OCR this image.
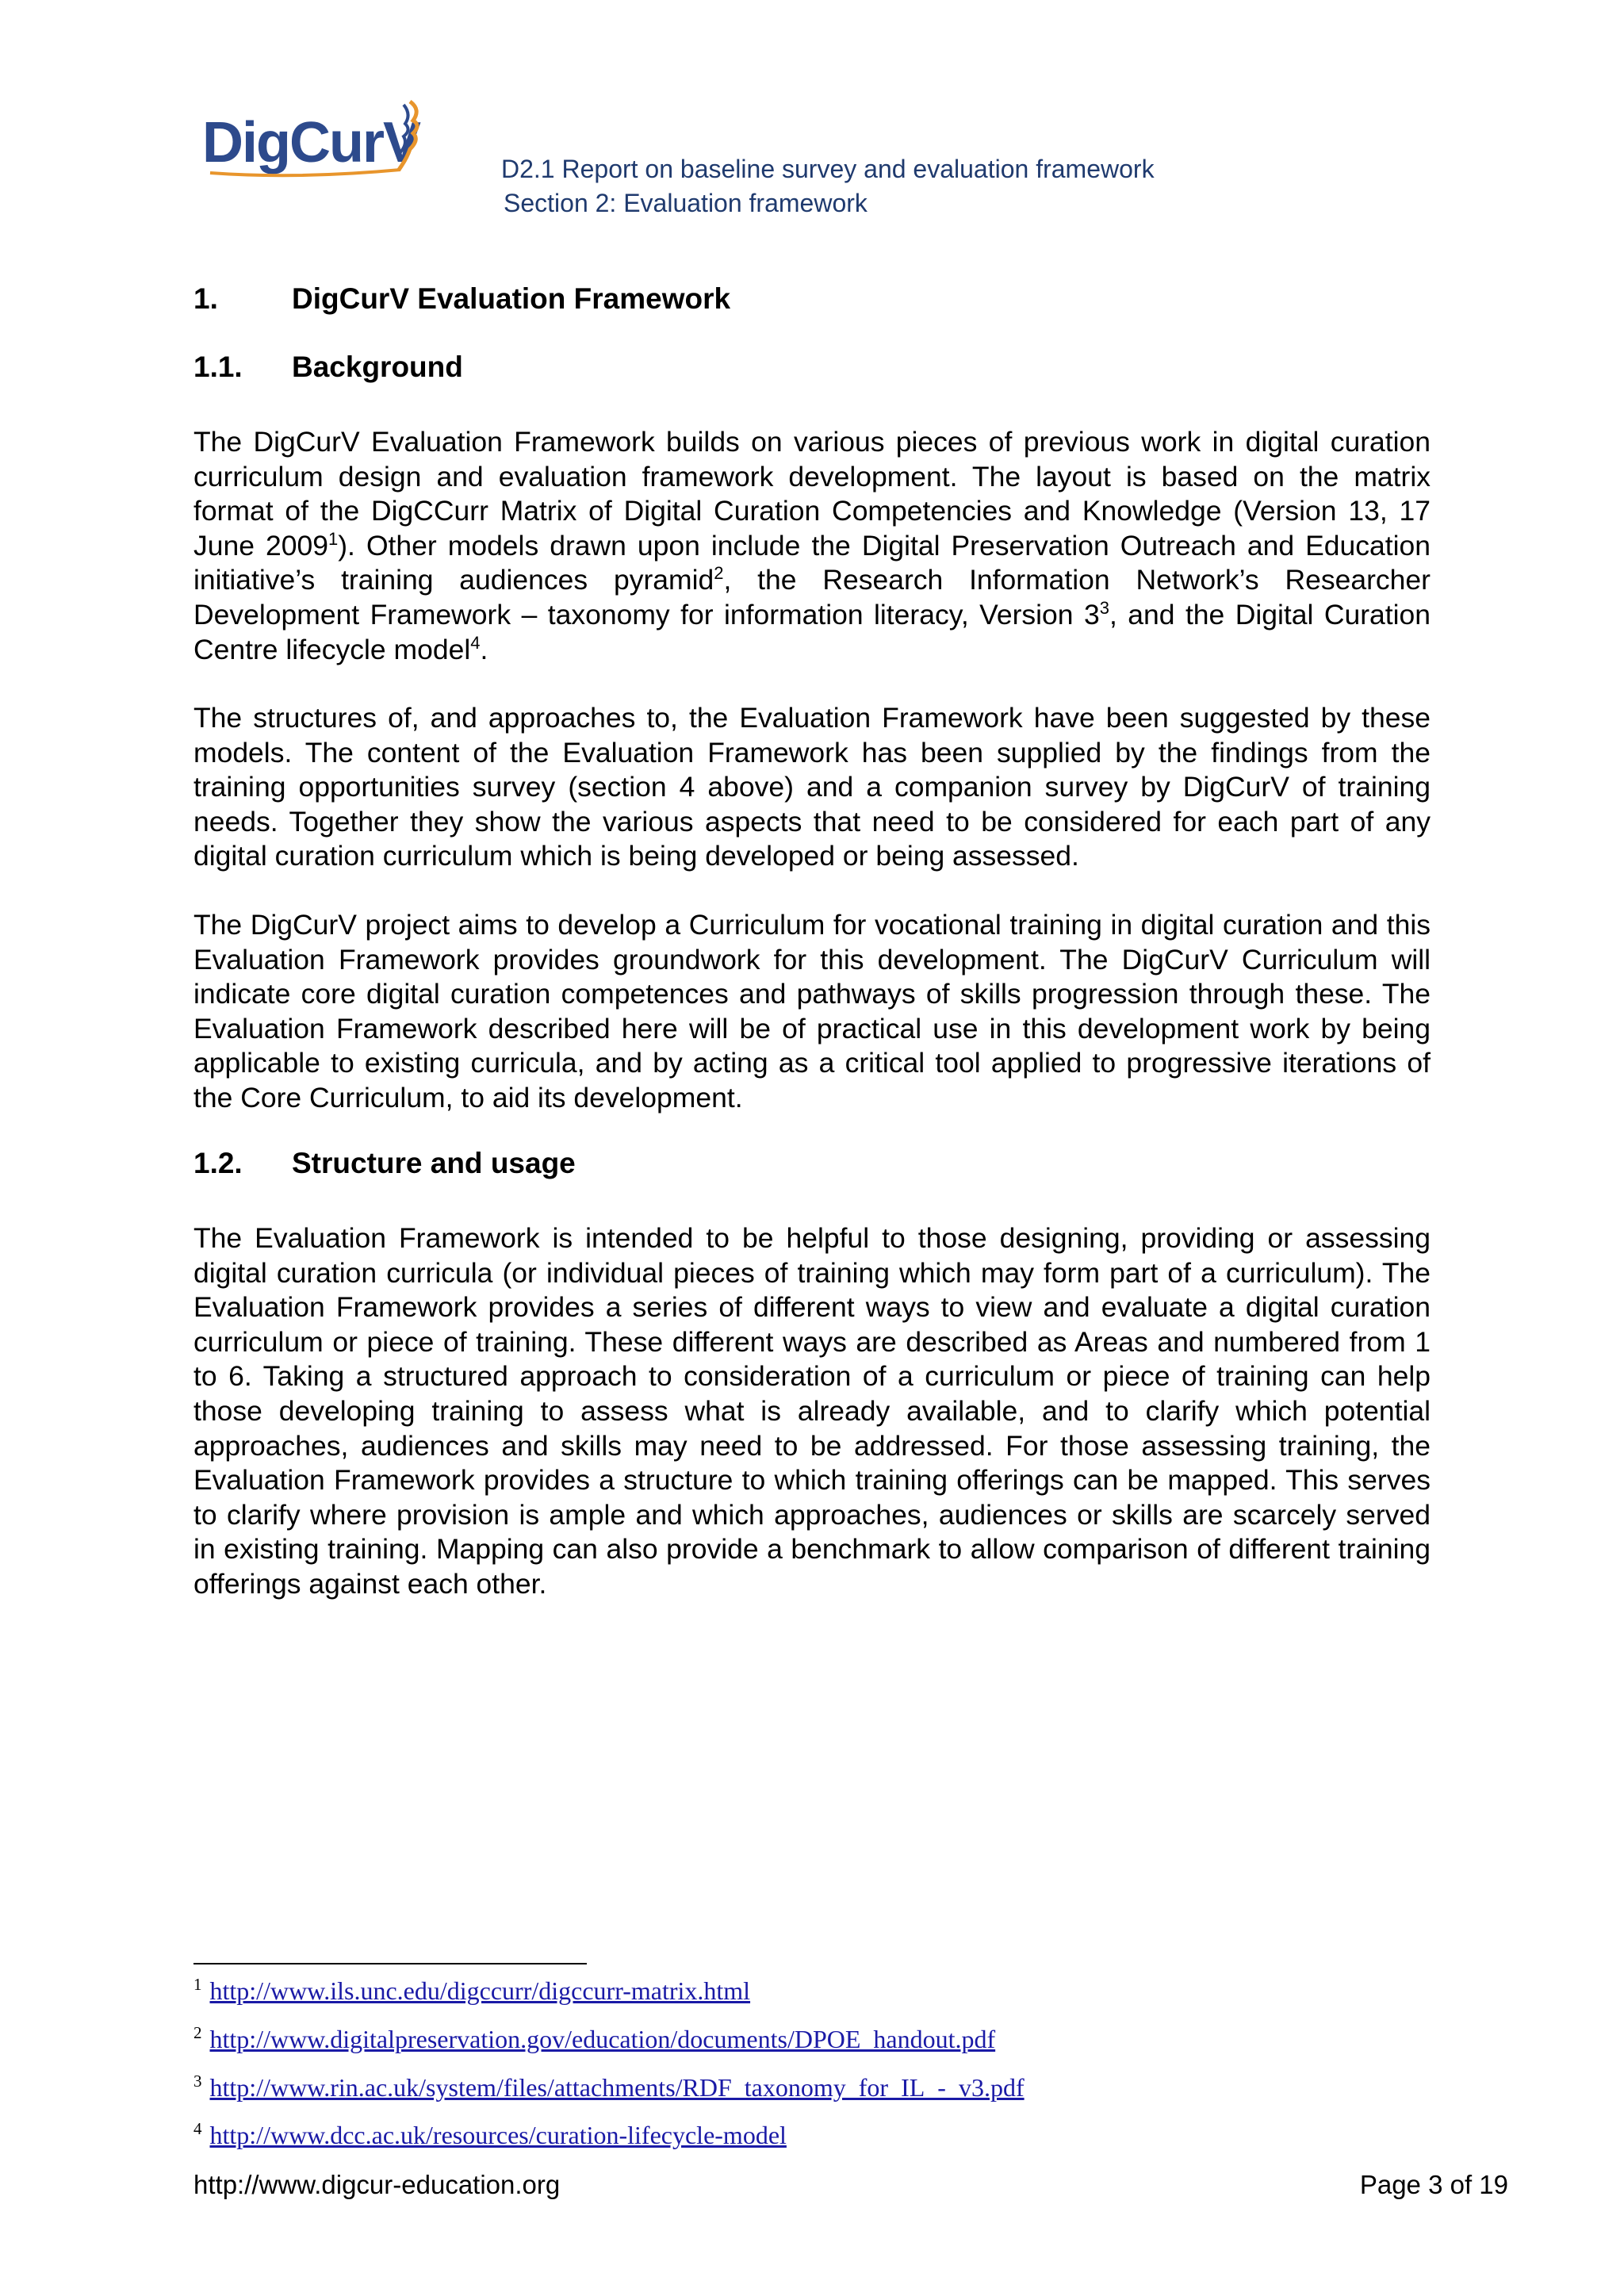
DigCurV	D2.1 Report on baseline survey and evaluation framework
Section 2: Evaluation framework
1.	DigCurV Evaluation Framework
1.1. Background
The DigCurV Evaluation Framework builds on various pieces of previous work in digital curation curriculum design and evaluation framework development. The layout is based on the matrix format of the DigCCurr Matrix of Digital Curation Competencies and Knowledge (Version 13, 17 June 2009$^1$). Other models drawn upon include the Digital Preservation Outreach and Education initiative’s training audiences pyramid$^2$, the Research Information Network’s Researcher Development Framework – taxonomy for information literacy, Version $3^3$, and the Digital Curation Centre lifecycle model$^4$.
The structures of, and approaches to, the Evaluation Framework have been suggested by these models. The content of the Evaluation Framework has been supplied by the findings from the training opportunities survey (section 4 above) and a companion survey by DigCurV of training needs. Together they show the various aspects that need to be considered for each part of any digital curation curriculum which is being developed or being assessed.
The DigCurV project aims to develop a Curriculum for vocational training in digital curation and this Evaluation Framework provides groundwork for this development. The DigCurV Curriculum will indicate core digital curation competences and pathways of skills progression through these. The Evaluation Framework described here will be of practical use in this development work by being applicable to existing curricula, and by acting as a critical tool applied to progressive iterations of the Core Curriculum, to aid its development.
1.2. Structure and usage
The Evaluation Framework is intended to be helpful to those designing, providing or assessing digital curation curricula (or individual pieces of training which may form part of a curriculum). The Evaluation Framework provides a series of different ways to view and evaluate a digital curation curriculum or piece of training. These different ways are described as Areas and numbered from 1 to 6. Taking a structured approach to consideration of a curriculum or piece of training can help those developing training to assess what is already available, and to clarify which potential approaches, audiences and skills may need to be addressed. For those assessing training, the Evaluation Framework provides a structure to which training offerings can be mapped. This serves to clarify where provision is ample and which approaches, audiences or skills are scarcely served in existing training. Mapping can also provide a benchmark to allow comparison of different training offerings against each other.
$^1$ http://www.ils.unc.edu/digccurr/digccurr-matrix.html
$^2$ http://www.digitalpreservation.gov/education/documents/DPOE_handout.pdf
$^3$ http://www.rin.ac.uk/system/files/attachments/RDF_taxonomy_for_IL_-_v3.pdf
$^4$ http://www.dcc.ac.uk/resources/curation-lifecycle-model
http://www.digcur-education.org	Page 3 of 19
